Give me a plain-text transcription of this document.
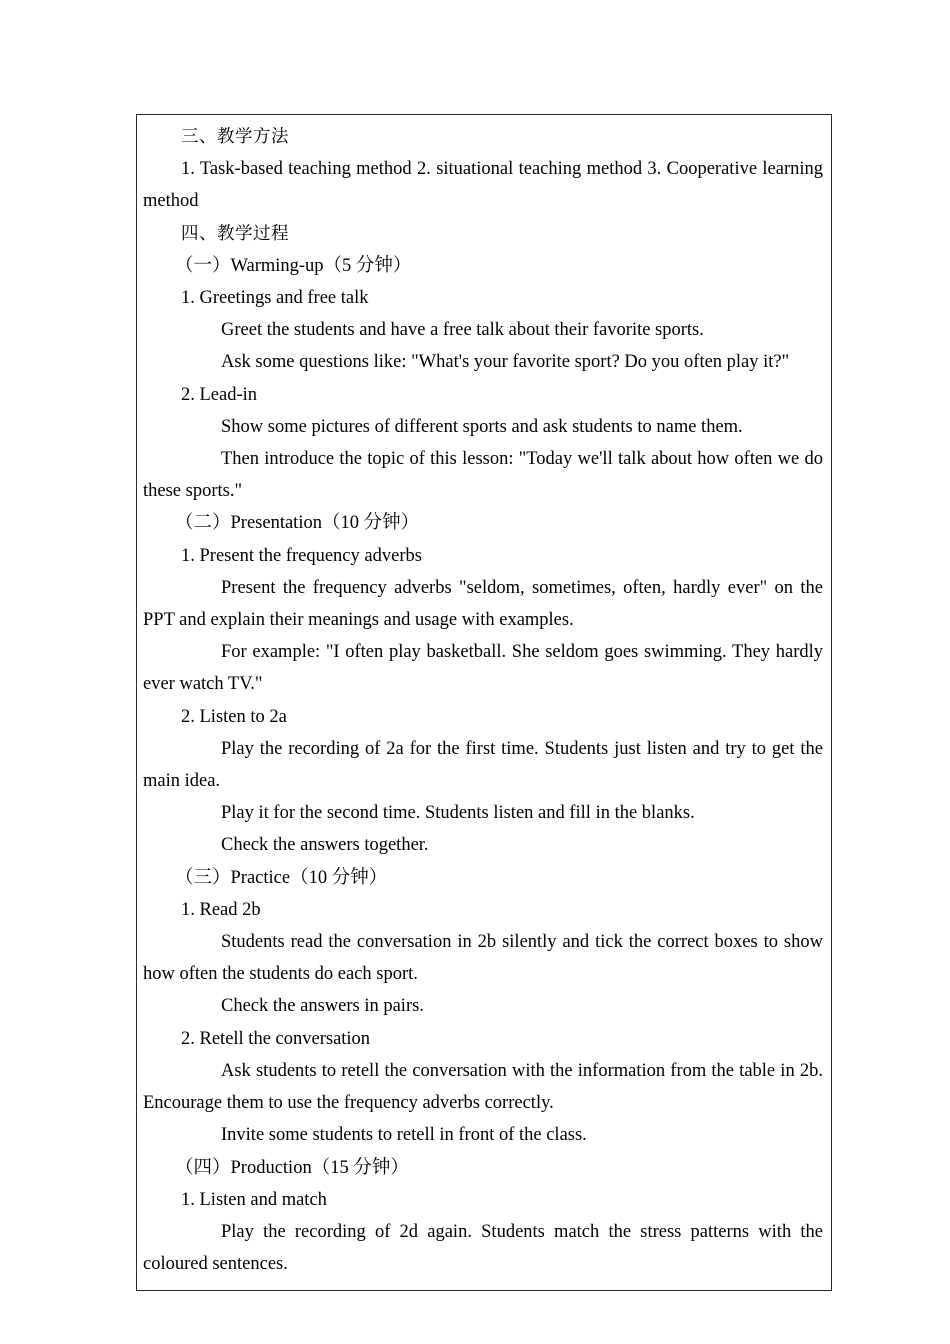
三、教学方法

1. Task-based teaching method 2. situational teaching method 3. Cooperative learning method

四、教学过程

（一）Warming-up（5 分钟）

1. Greetings and free talk

Greet the students and have a free talk about their favorite sports.

Ask some questions like: "What's your favorite sport? Do you often play it?"

2. Lead-in

Show some pictures of different sports and ask students to name them.

Then introduce the topic of this lesson: "Today we'll talk about how often we do these sports."

（二）Presentation（10 分钟）

1. Present the frequency adverbs

Present the frequency adverbs "seldom, sometimes, often, hardly ever" on the PPT and explain their meanings and usage with examples.

For example: "I often play basketball. She seldom goes swimming. They hardly ever watch TV."

2. Listen to 2a

Play the recording of 2a for the first time. Students just listen and try to get the main idea.

Play it for the second time. Students listen and fill in the blanks.

Check the answers together.

（三）Practice（10 分钟）

1. Read 2b

Students read the conversation in 2b silently and tick the correct boxes to show how often the students do each sport.

Check the answers in pairs.

2. Retell the conversation

Ask students to retell the conversation with the information from the table in 2b. Encourage them to use the frequency adverbs correctly.

Invite some students to retell in front of the class.

（四）Production（15 分钟）

1. Listen and match

Play the recording of 2d again. Students match the stress patterns with the coloured sentences.
